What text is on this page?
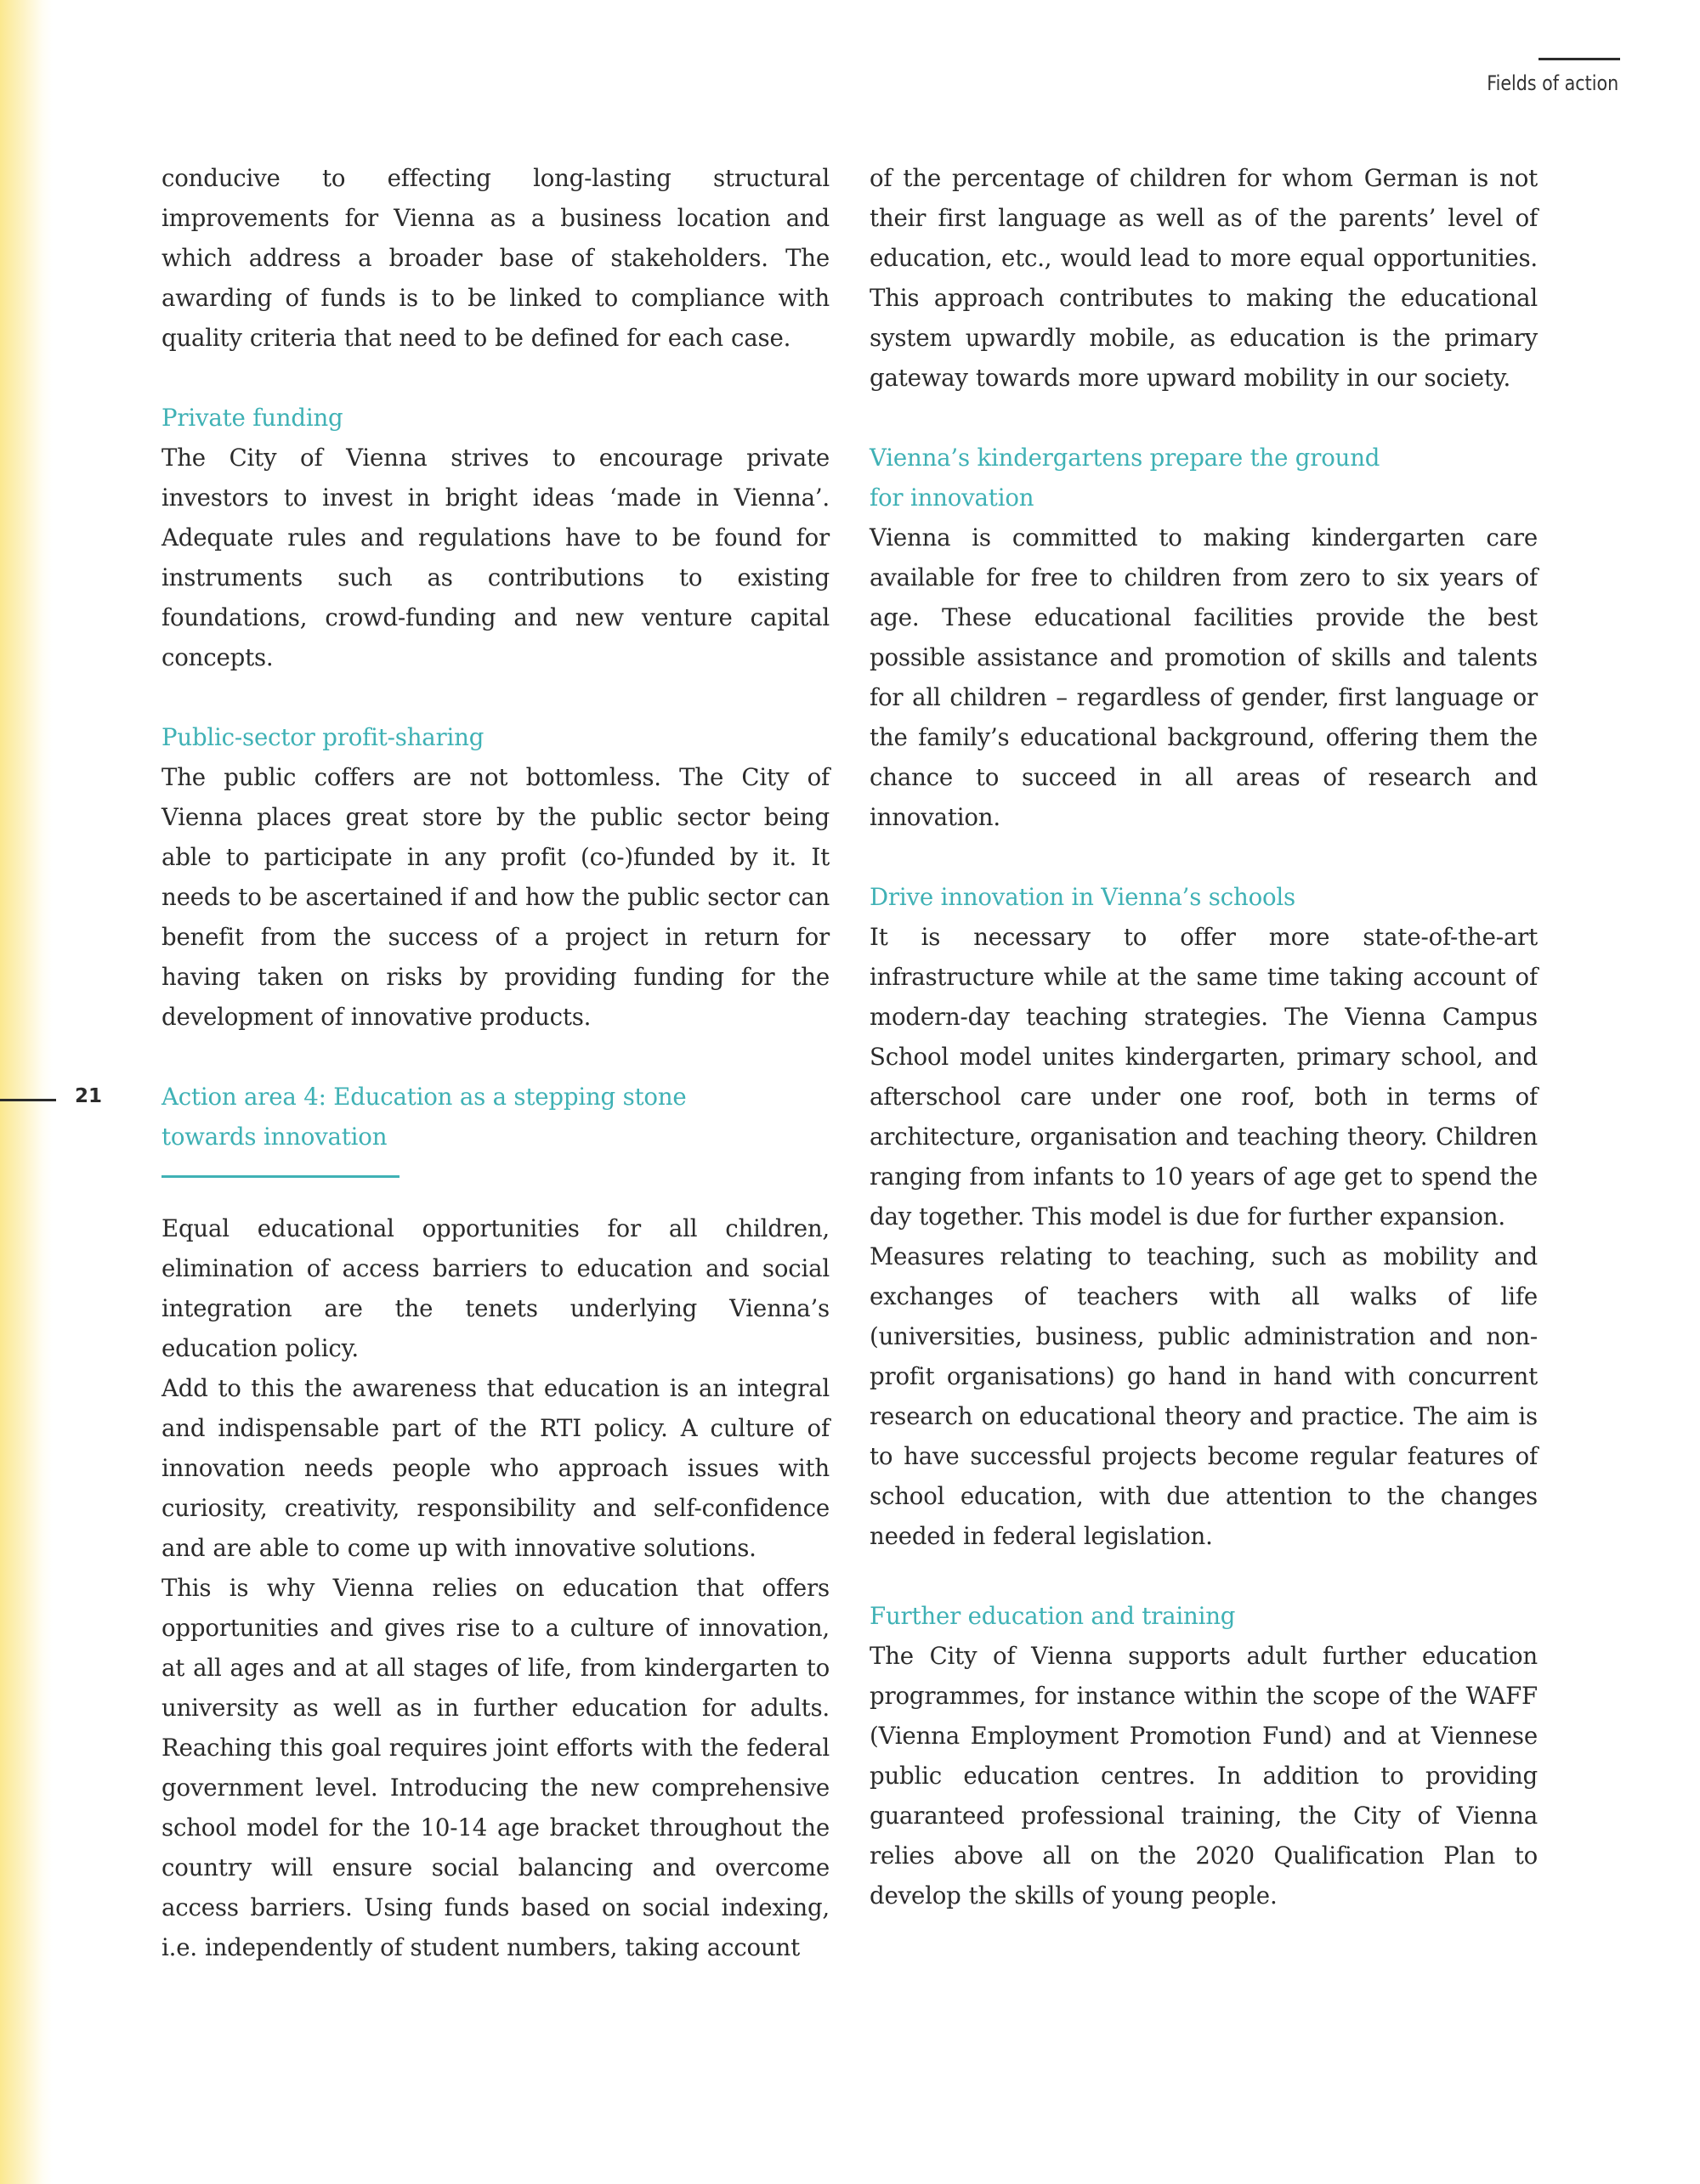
Fields of action
21

conducive to effecting long-lasting structural improvements for Vienna as a business location and which address a broader base of stakeholders. The awarding of funds is to be linked to compliance with quality criteria that need to be defined for each case.

Private funding

The City of Vienna strives to encourage private investors to invest in bright ideas ‘made in Vienna’. Adequate rules and regulations have to be found for instruments such as contributions to existing foundations, crowd-funding and new venture capital concepts.

Public-sector profit-sharing

The public coffers are not bottomless. The City of Vienna places great store by the public sector being able to participate in any profit (co-)funded by it. It needs to be ascertained if and how the public sector can benefit from the success of a project in return for having taken on risks by providing funding for the development of innovative products.

Action area 4: Education as a stepping stone
towards innovation

Equal educational opportunities for all children, elimination of access barriers to education and social integration are the tenets underlying Vienna’s education policy.

Add to this the awareness that education is an integral and indispensable part of the RTI policy. A culture of innovation needs people who approach issues with curiosity, creativity, responsibility and self-confidence and are able to come up with innovative solutions.

This is why Vienna relies on education that offers opportunities and gives rise to a culture of innovation, at all ages and at all stages of life, from kindergarten to university as well as in further education for adults. Reaching this goal requires joint efforts with the federal government level. Introducing the new comprehensive school model for the 10-14 age bracket throughout the country will ensure social balancing and overcome access barriers. Using funds based on social indexing, i.e. independently of student numbers, taking account

of the percentage of children for whom German is not their first language as well as of the parents’ level of education, etc., would lead to more equal opportunities. This approach contributes to making the educational system upwardly mobile, as education is the primary gateway towards more upward mobility in our society.

Vienna’s kindergartens prepare the ground
for innovation

Vienna is committed to making kindergarten care available for free to children from zero to six years of age. These educational facilities provide the best possible assistance and promotion of skills and talents for all children – regardless of gender, first language or the family’s educational background, offering them the chance to succeed in all areas of research and innovation.

Drive innovation in Vienna’s schools

It is necessary to offer more state-of-the-art infrastructure while at the same time taking account of modern-day teaching strategies. The Vienna Campus School model unites kindergarten, primary school, and afterschool care under one roof, both in terms of architecture, organisation and teaching theory. Children ranging from infants to 10 years of age get to spend the day together. This model is due for further expansion.

Measures relating to teaching, such as mobility and exchanges of teachers with all walks of life (universities, business, public administration and non-profit organisations) go hand in hand with concurrent research on educational theory and practice. The aim is to have successful projects become regular features of school education, with due attention to the changes needed in federal legislation.

Further education and training

The City of Vienna supports adult further education programmes, for instance within the scope of the WAFF (Vienna Employment Promotion Fund) and at Viennese public education centres. In addition to providing guaranteed professional training, the City of Vienna relies above all on the 2020 Qualification Plan to develop the skills of young people.
